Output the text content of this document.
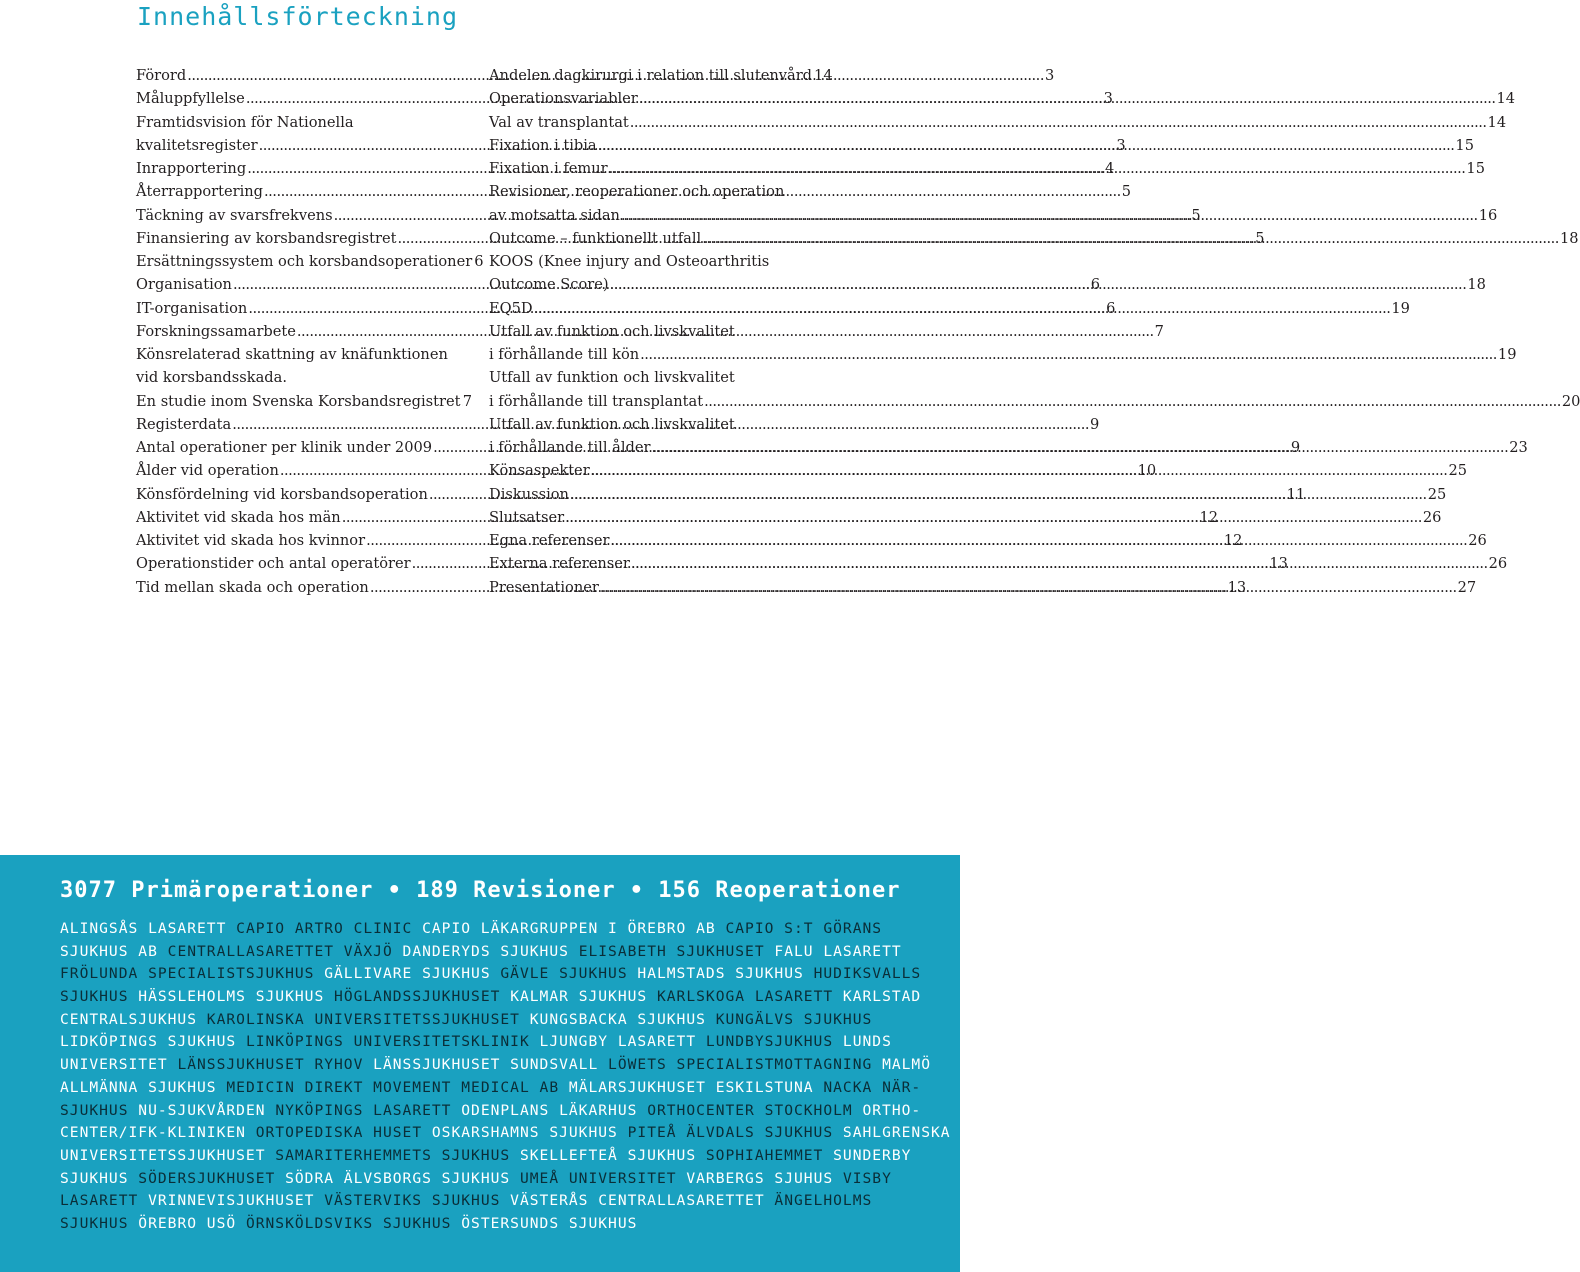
Innehållsförteckning
Förord .....	3
Måluppfyllelse .....	3
Framtidsvision för Nationella
kvalitetsregister .....	3
Inrapportering .....	4
Återrapportering .....	5
Täckning av svarsfrekvens .....	5
Finansiering av korsbandsregistret .....	5
Ersättningssystem och korsbandsoperationer 6
Organisation .....	6
IT-organisation .....	6
Forskningssamarbete .....	7
Könsrelaterad skattning av knäfunktionen
vid korsbandsskada.
En studie inom Svenska Korsbandsregistret ..... 7
Registerdata .....	9
Antal operationer per klinik under 2009 .....	9
Ålder vid operation .....	10
Könsfördelning vid korsbandsoperation .....	11
Aktivitet vid skada hos män .....	12
Aktivitet vid skada hos kvinnor .....	12
Operationstider och antal operatörer .....	13
Tid mellan skada och operation .....	13
Andelen dagkirurgi i relation till slutenvård 14
Operationsvariabler .....	14
Val av transplantat .....	14
Fixation i tibia .....	15
Fixation i femur .....	15
Revisioner, reoperationer och operation
av motsatta sidan .....	16
Outcome – funktionellt utfall .....	18
KOOS (Knee injury and Osteoarthritis
Outcome Score) .....	18
EQ5D .....	19
Utfall av funktion och livskvalitet
i förhållande till kön .....	19
Utfall av funktion och livskvalitet
i förhållande till transplantat .....	20
Utfall av funktion och livskvalitet
i förhållande till ålder .....	23
Könsaspekter .....	25
Diskussion .....	25
Slutsatser .....	26
Egna referenser .....	26
Externa referenser .....	26
Presentationer .....	27

3077 Primäroperationer • 189 Revisioner • 156 Reoperationer

ALINGSÅS LASARETT CAPIO ARTRO CLINIC CAPIO LÄKARGRUPPEN I ÖREBRO AB CAPIO S:T GÖRANS
SJUKHUS AB CENTRALLASARETTET VÄXJÖ DANDERYDS SJUKHUS ELISABETH SJUKHUSET FALU LASARETT
FRÖLUNDA SPECIALISTSJUKHUS GÄLLIVARE SJUKHUS GÄVLE SJUKHUS HALMSTADS SJUKHUS HUDIKSVALLS
SJUKHUS HÄSSLEHOLMS SJUKHUS HÖGLANDSSJUKHUSET KALMAR SJUKHUS KARLSKOGA LASARETT KARLSTAD
CENTRALSJUKHUS KAROLINSKA UNIVERSITETSSJUKHUSET KUNGSBACKA SJUKHUS KUNGÄLVS SJUKHUS
LIDKÖPINGS SJUKHUS LINKÖPINGS UNIVERSITETSKLINIK LJUNGBY LASARETT LUNDBYSJUKHUS LUNDS
UNIVERSITET LÄNSSJUKHUSET RYHOV LÄNSSJUKHUSET SUNDSVALL LÖWETS SPECIALISTMOTTAGNING MALMÖ
ALLMÄNNA SJUKHUS MEDICIN DIREKT MOVEMENT MEDICAL AB MÄLARSJUKHUSET ESKILSTUNA NACKA NÄR-
SJUKHUS NU-SJUKVÅRDEN NYKÖPINGS LASARETT ODENPLANS LÄKARHUS ORTHOCENTER STOCKHOLM ORTHO-
CENTER/IFK-KLINIKEN ORTOPEDISKA HUSET OSKARSHAMNS SJUKHUS PITEÅ ÄLVDALS SJUKHUS SAHLGRENSKA
UNIVERSITETSSJUKHUSET SAMARITERHEMMETS SJUKHUS SKELLEFTEÅ SJUKHUS SOPHIAHEMMET SUNDERBY
SJUKHUS SÖDERSJUKHUSET SÖDRA ÄLVSBORGS SJUKHUS UMEÅ UNIVERSITET VARBERGS SJUHUS VISBY
LASARETT VRINNEVISJUKHUSET VÄSTERVIKS SJUKHUS VÄSTERÅS CENTRALLASARETTET ÄNGELHOLMS
SJUKHUS ÖREBRO USÖ ÖRNSKÖLDSVIKS SJUKHUS ÖSTERSUNDS SJUKHUS
